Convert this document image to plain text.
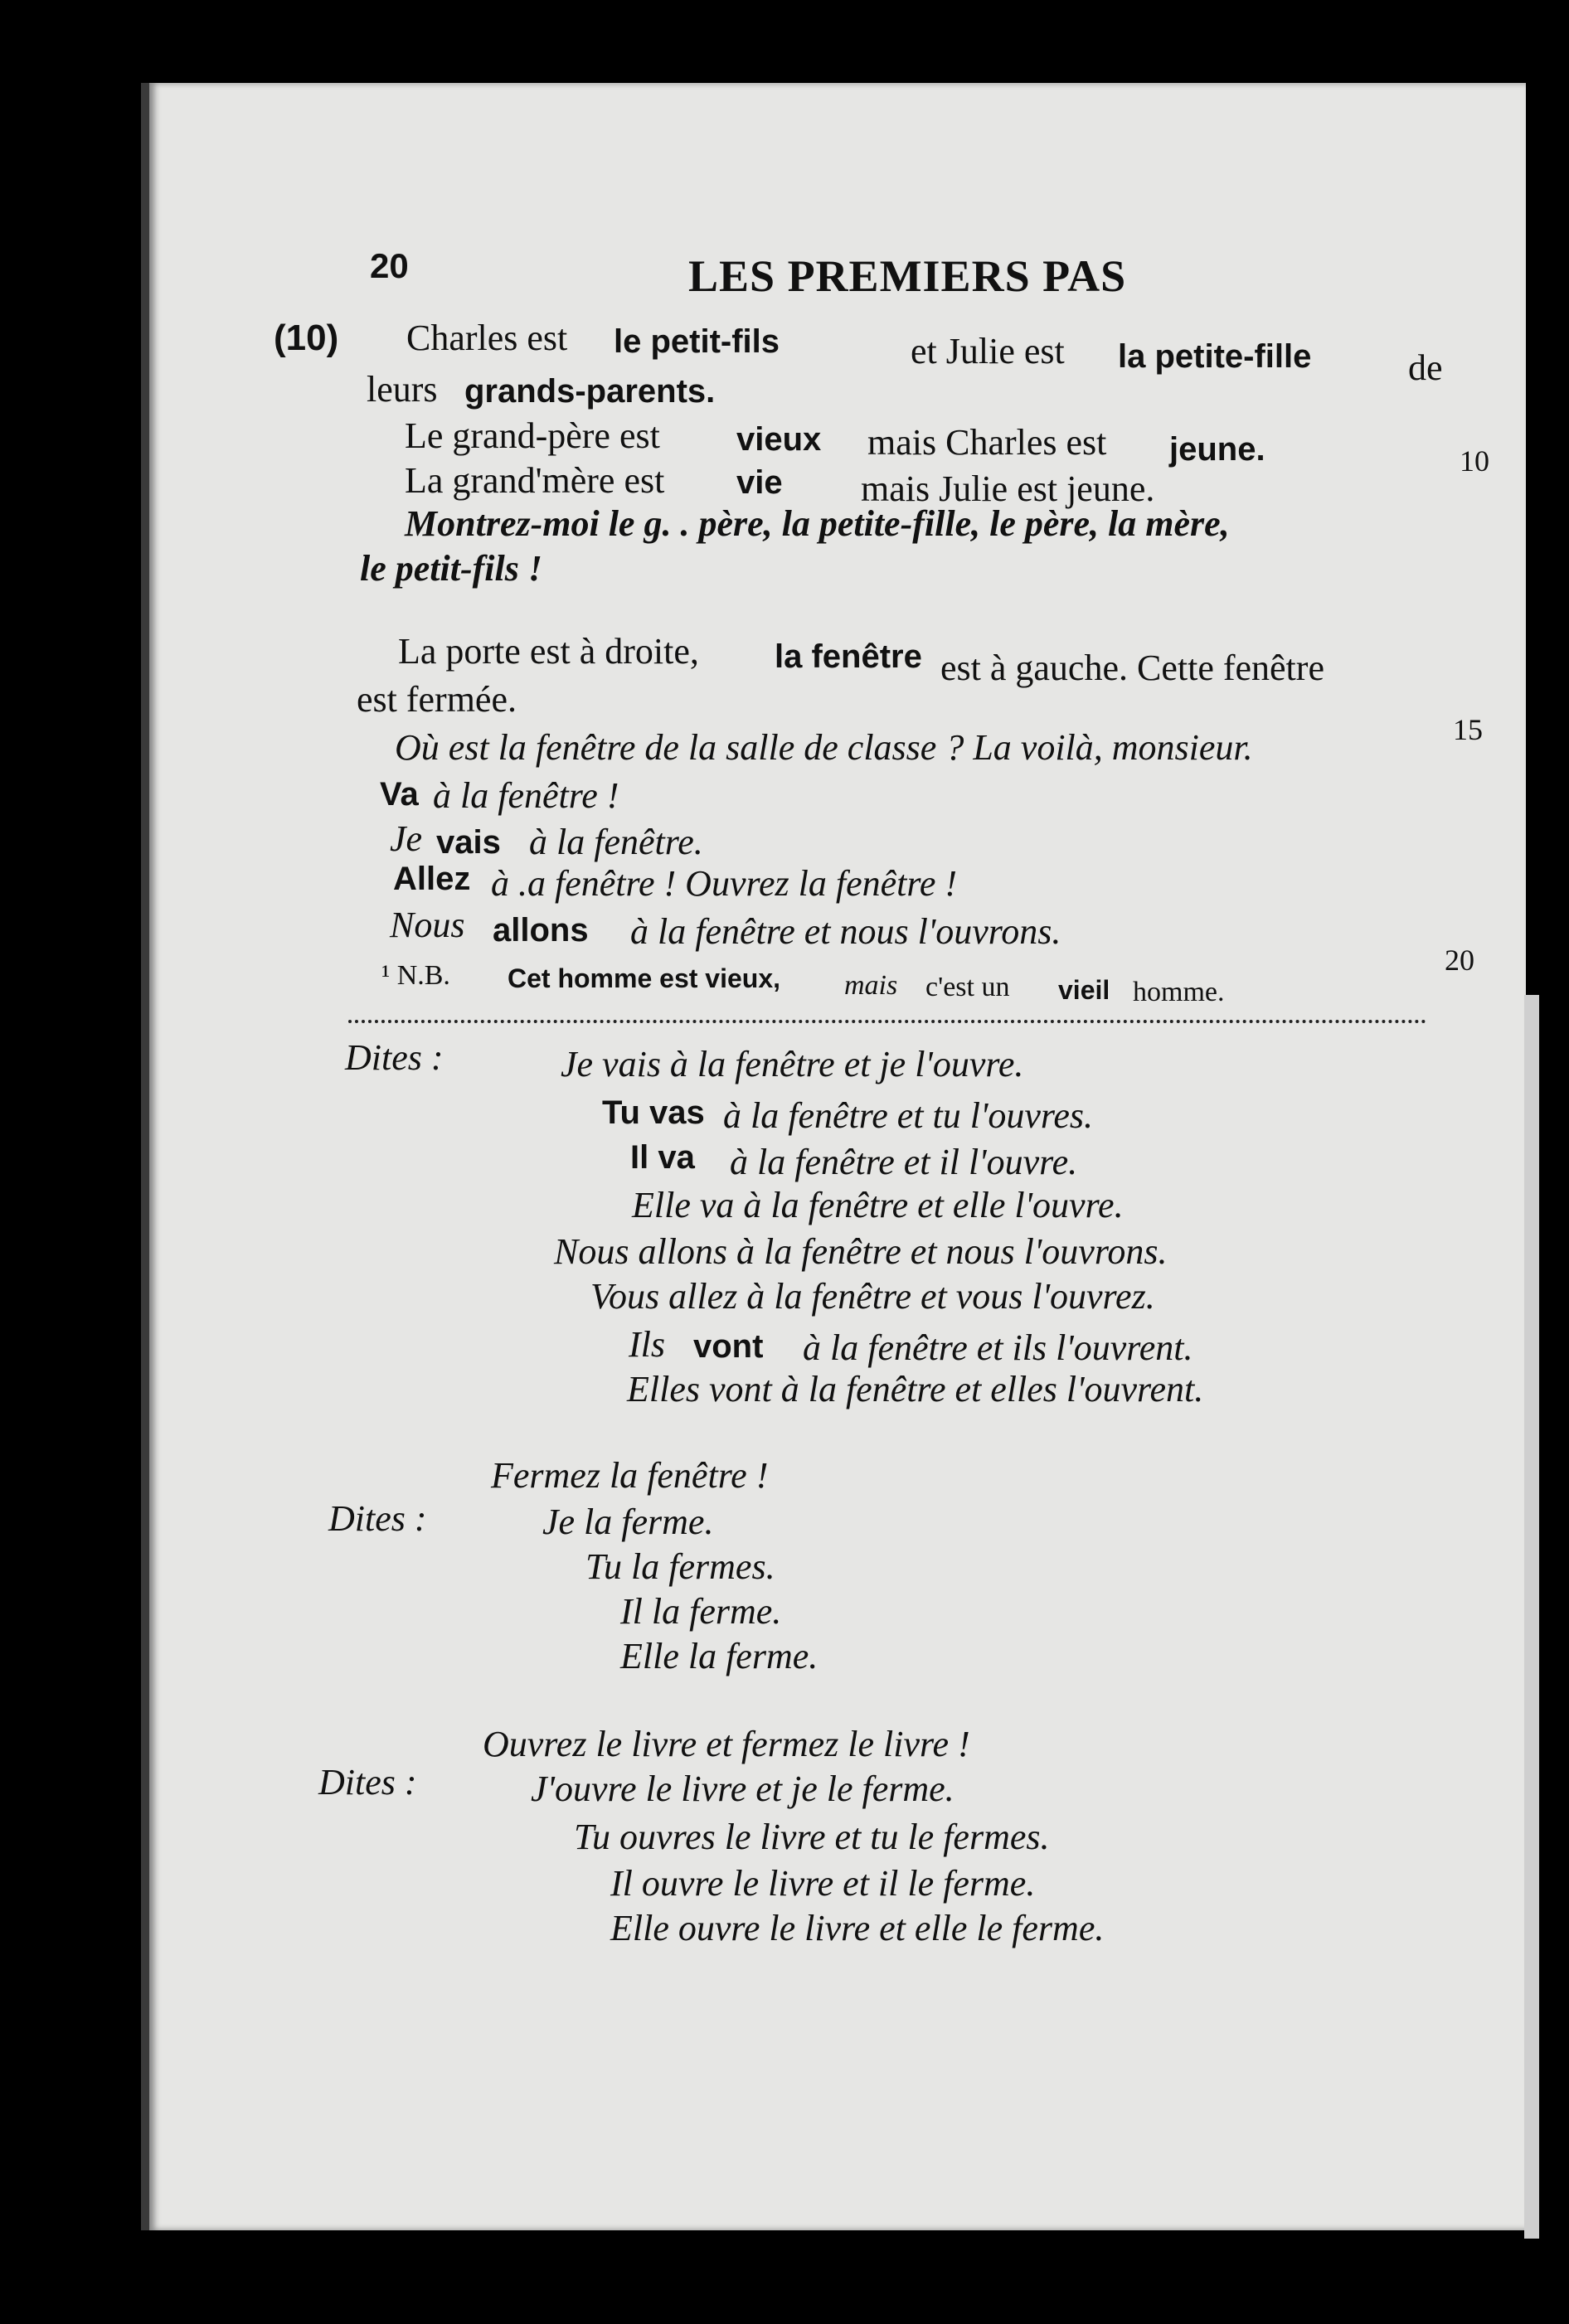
20	LES PREMIERS PAS
(10) Charles est le petit-fils	et Julie est la petite-fille	de
leurs grands-parents.
Le grand-père est vieux mais Charles est jeune.	10
La grand'mère est vie mais Julie est jeune.
Montrez-moi le g. . père, la petite-fille, le père, la mère,
le petit-fils !
La porte est à droite, la fenêtre est à gauche. Cette fenêtre
est fermée.
15
Où est la fenêtre de la salle de classe ? La voilà, monsieur.
Va à la fenêtre !
Je vais à la fenêtre.
Allez à .a fenêtre ! Ouvrez la fenêtre !
Nous allons à la fenêtre et nous l'ouvrons.
20
¹ N.B. Cet homme est vieux, mais c'est un vieil homme.
Dites :	Je vais à la fenêtre et je l'ouvre.
Tu vas à la fenêtre et tu l'ouvres.
Il va à la fenêtre et il l'ouvre.
Elle va à la fenêtre et elle l'ouvre.
Nous allons à la fenêtre et nous l'ouvrons.
Vous allez à la fenêtre et vous l'ouvrez.
Ils vont à la fenêtre et ils l'ouvrent.
Elles vont à la fenêtre et elles l'ouvrent.
Fermez la fenêtre !
Dites :	Je la ferme.
Tu la fermes.
Il la ferme.
Elle la ferme.
Ouvrez le livre et fermez le livre !
Dites :	J'ouvre le livre et je le ferme.
Tu ouvres le livre et tu le fermes.
Il ouvre le livre et il le ferme.
Elle ouvre le livre et elle le ferme.
